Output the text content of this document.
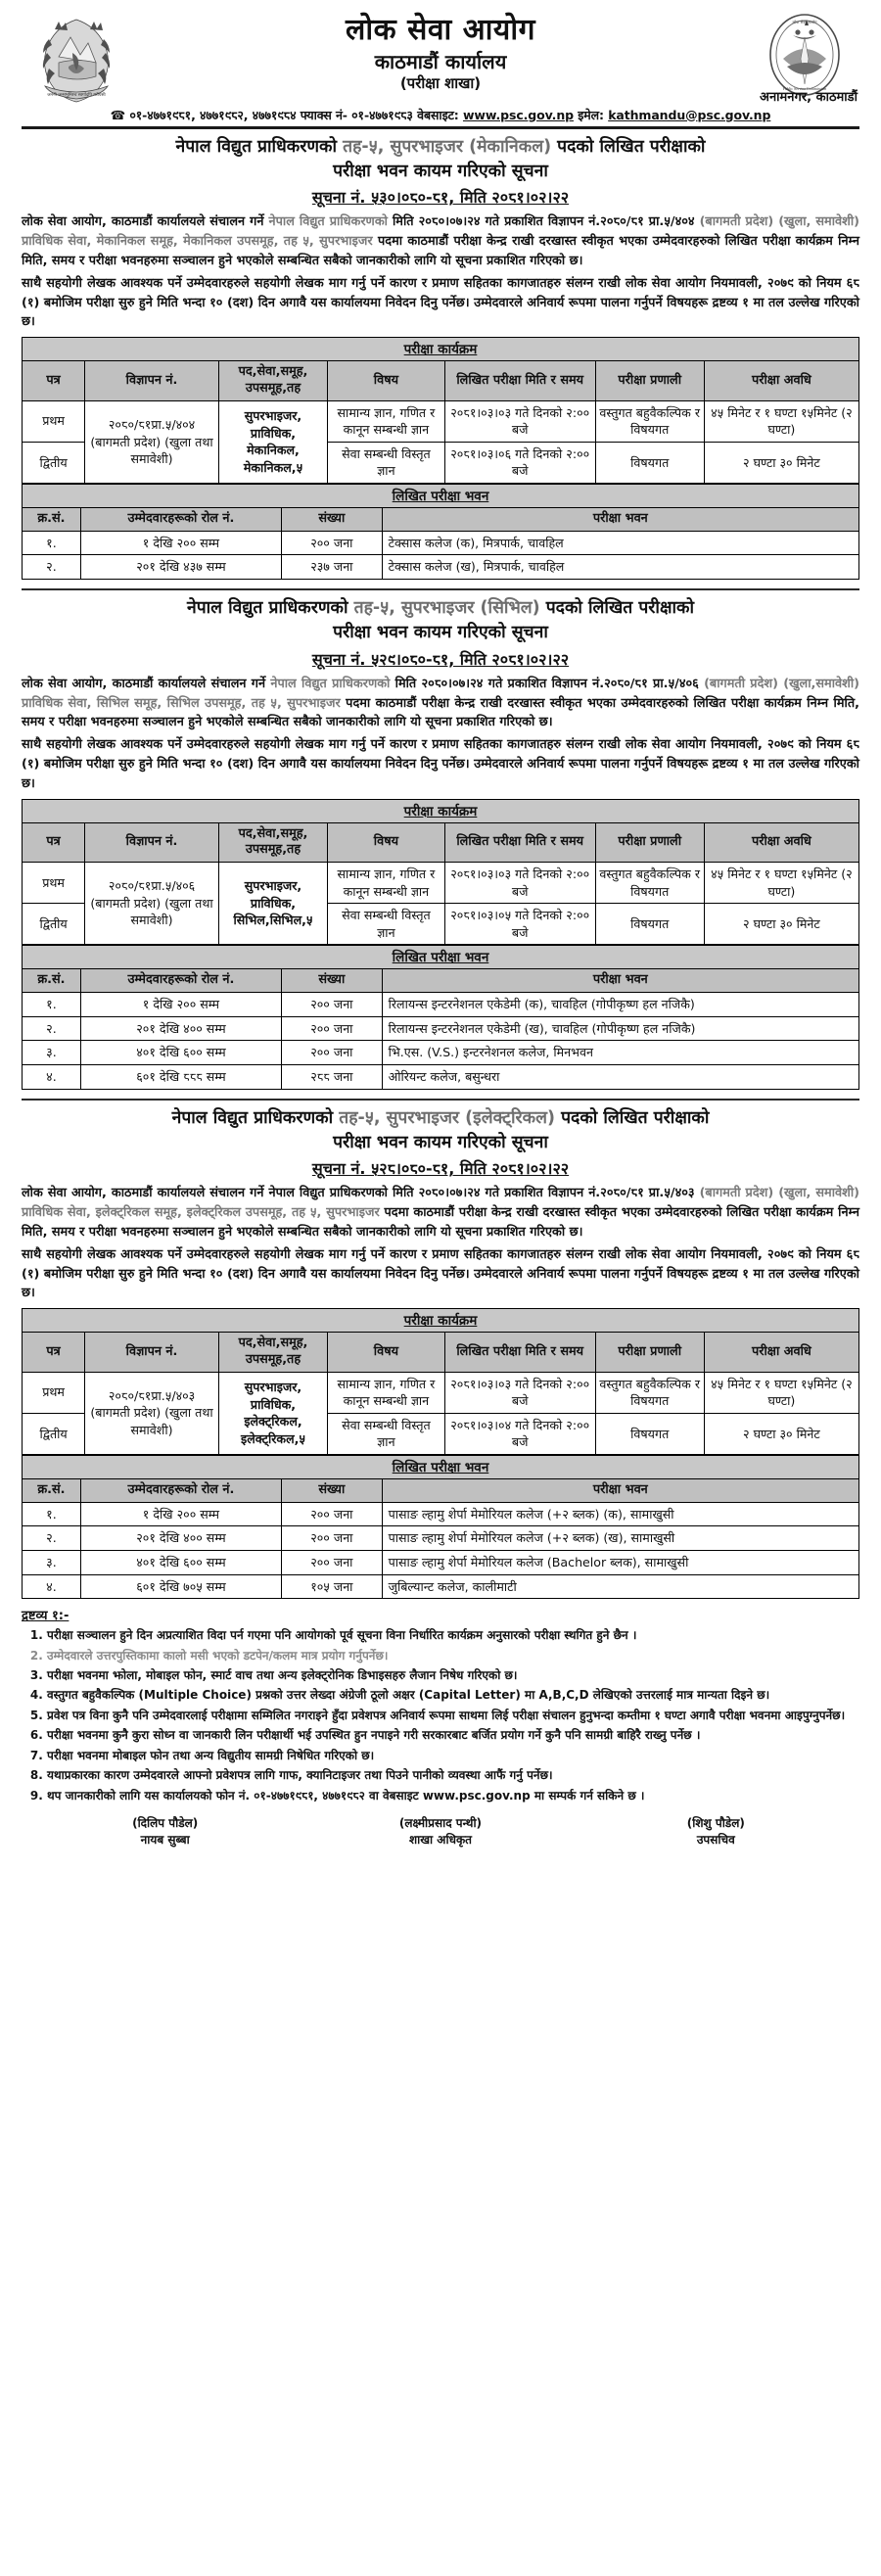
जननी जन्मभूमिश्च स्वर्गादपि गरीयसी
लोक सेवा आयोग
काठमाडौं कार्यालय
(परीक्षा शाखा)
लोक सेवा आयोग
Public Service Commission
अनामनगर, काठमाडौं
☎ ०१-४७७१९८१, ४७७१९८२, ४७७१९८४ फ्याक्स नं- ०१-४७७१९८३ वेबसाइट: www.psc.gov.np इमेल: kathmandu@psc.gov.np
नेपाल विद्युत प्राधिकरणको तह-५, सुपरभाइजर (मेकानिकल) पदको लिखित परीक्षाको
परीक्षा भवन कायम गरिएको सूचना
सूचना नं. ५३०।०८०-८१, मिति २०८१।०२।२२

लोक सेवा आयोग, काठमाडौं कार्यालयले संचालन गर्ने नेपाल विद्युत प्राधिकरणको मिति २०८०।०७।२४ गते प्रकाशित विज्ञापन नं.२०८०/८१ प्रा.५/४०४ (बागमती प्रदेश) (खुला, समावेशी) प्राविधिक सेवा, मेकानिकल समूह, मेकानिकल उपसमूह, तह ५, सुपरभाइजर पदमा काठमाडौं परीक्षा केन्द्र राखी दरखास्त स्वीकृत भएका उम्मेदवारहरुको लिखित परीक्षा कार्यक्रम निम्न मिति, समय र परीक्षा भवनहरुमा सञ्चालन हुने भएकोले सम्बन्धित सबैको जानकारीको लागि यो सूचना प्रकाशित गरिएको छ।

साथै सहयोगी लेखक आवश्यक पर्ने उम्मेदवारहरुले सहयोगी लेखक माग गर्नु पर्ने कारण र प्रमाण सहितका कागजातहरु संलग्न राखी लोक सेवा आयोग नियमावली, २०७९ को नियम ६८ (१) बमोजिम परीक्षा सुरु हुने मिति भन्दा १० (दश) दिन अगावै यस कार्यालयमा निवेदन दिनु पर्नेछ। उम्मेदवारले अनिवार्य रूपमा पालना गर्नुपर्ने विषयहरू द्रष्टव्य १ मा तल उल्लेख गरिएको छ।

परीक्षा कार्यक्रम
पत्र	विज्ञापन नं.	पद,सेवा,समूह, उपसमूह,तह	विषय	लिखित परीक्षा मिति र समय	परीक्षा प्रणाली	परीक्षा अवधि
प्रथम	२०८०/८१प्रा.५/४०४ (बागमती प्रदेश) (खुला तथा समावेशी)	सुपरभाइजर, प्राविधिक, मेकानिकल, मेकानिकल,५	सामान्य ज्ञान, गणित र कानून सम्बन्धी ज्ञान	२०८१।०३।०३ गते दिनको २:०० बजे	वस्तुगत बहुवैकल्पिक र विषयगत	४५ मिनेट र १ घण्टा १५मिनेट (२ घण्टा)
द्वितीय			सेवा सम्बन्धी विस्तृत ज्ञान	२०८१।०३।०६ गते दिनको २:०० बजे	विषयगत	२ घण्टा ३० मिनेट
लिखित परीक्षा भवन
क्र.सं.	उम्मेदवारहरूको रोल नं.	संख्या	परीक्षा भवन
१.	१ देखि २०० सम्म	२०० जना	टेक्सास कलेज (क), मित्रपार्क, चावहिल
२.	२०१ देखि ४३७ सम्म	२३७ जना	टेक्सास कलेज (ख), मित्रपार्क, चावहिल
नेपाल विद्युत प्राधिकरणको तह-५, सुपरभाइजर (सिभिल) पदको लिखित परीक्षाको
परीक्षा भवन कायम गरिएको सूचना
सूचना नं. ५२९।०८०-८१, मिति २०८१।०२।२२

लोक सेवा आयोग, काठमाडौं कार्यालयले संचालन गर्ने नेपाल विद्युत प्राधिकरणको मिति २०८०।०७।२४ गते प्रकाशित विज्ञापन नं.२०८०/८१ प्रा.५/४०६ (बागमती प्रदेश) (खुला,समावेशी) प्राविधिक सेवा, सिभिल समूह, सिभिल उपसमूह, तह ५, सुपरभाइजर पदमा काठमाडौं परीक्षा केन्द्र राखी दरखास्त स्वीकृत भएका उम्मेदवारहरुको लिखित परीक्षा कार्यक्रम निम्न मिति, समय र परीक्षा भवनहरुमा सञ्चालन हुने भएकोले सम्बन्धित सबैको जानकारीको लागि यो सूचना प्रकाशित गरिएको छ।

साथै सहयोगी लेखक आवश्यक पर्ने उम्मेदवारहरुले सहयोगी लेखक माग गर्नु पर्ने कारण र प्रमाण सहितका कागजातहरु संलग्न राखी लोक सेवा आयोग नियमावली, २०७९ को नियम ६८ (१) बमोजिम परीक्षा सुरु हुने मिति भन्दा १० (दश) दिन अगावै यस कार्यालयमा निवेदन दिनु पर्नेछ। उम्मेदवारले अनिवार्य रूपमा पालना गर्नुपर्ने विषयहरू द्रष्टव्य १ मा तल उल्लेख गरिएको छ।

परीक्षा कार्यक्रम
पत्र	विज्ञापन नं.	पद,सेवा,समूह, उपसमूह,तह	विषय	लिखित परीक्षा मिति र समय	परीक्षा प्रणाली	परीक्षा अवधि
प्रथम	२०८०/८१प्रा.५/४०६ (बागमती प्रदेश) (खुला तथा समावेशी)	सुपरभाइजर, प्राविधिक, सिभिल,सिभिल,५	सामान्य ज्ञान, गणित र कानून सम्बन्धी ज्ञान	२०८१।०३।०३ गते दिनको २:०० बजे	वस्तुगत बहुवैकल्पिक र विषयगत	४५ मिनेट र १ घण्टा १५मिनेट (२ घण्टा)
द्वितीय			सेवा सम्बन्धी विस्तृत ज्ञान	२०८१।०३।०५ गते दिनको २:०० बजे	विषयगत	२ घण्टा ३० मिनेट
लिखित परीक्षा भवन
क्र.सं.	उम्मेदवारहरूको रोल नं.	संख्या	परीक्षा भवन
१.	१ देखि २०० सम्म	२०० जना	रिलायन्स इन्टरनेशनल एकेडेमी (क), चावहिल (गोपीकृष्ण हल नजिकै)
२.	२०१ देखि ४०० सम्म	२०० जना	रिलायन्स इन्टरनेशनल एकेडेमी (ख), चावहिल (गोपीकृष्ण हल नजिकै)
३.	४०१ देखि ६०० सम्म	२०० जना	भि.एस. (V.S.) इन्टरनेशनल कलेज, मिनभवन
४.	६०१ देखि ८८८ सम्म	२८८ जना	ओरियन्ट कलेज, बसुन्धरा
नेपाल विद्युत प्राधिकरणको तह-५, सुपरभाइजर (इलेक्ट्रिकल) पदको लिखित परीक्षाको
परीक्षा भवन कायम गरिएको सूचना
सूचना नं. ५२८।०८०-८१, मिति २०८१।०२।२२

लोक सेवा आयोग, काठमाडौं कार्यालयले संचालन गर्ने नेपाल विद्युत प्राधिकरणको मिति २०८०।०७।२४ गते प्रकाशित विज्ञापन नं.२०८०/८१ प्रा.५/४०३ (बागमती प्रदेश) (खुला, समावेशी) प्राविधिक सेवा, इलेक्ट्रिकल समूह, इलेक्ट्रिकल उपसमूह, तह ५, सुपरभाइजर पदमा काठमाडौं परीक्षा केन्द्र राखी दरखास्त स्वीकृत भएका उम्मेदवारहरुको लिखित परीक्षा कार्यक्रम निम्न मिति, समय र परीक्षा भवनहरुमा सञ्चालन हुने भएकोले सम्बन्धित सबैको जानकारीको लागि यो सूचना प्रकाशित गरिएको छ।

साथै सहयोगी लेखक आवश्यक पर्ने उम्मेदवारहरुले सहयोगी लेखक माग गर्नु पर्ने कारण र प्रमाण सहितका कागजातहरु संलग्न राखी लोक सेवा आयोग नियमावली, २०७९ को नियम ६८ (१) बमोजिम परीक्षा सुरु हुने मिति भन्दा १० (दश) दिन अगावै यस कार्यालयमा निवेदन दिनु पर्नेछ। उम्मेदवारले अनिवार्य रूपमा पालना गर्नुपर्ने विषयहरू द्रष्टव्य १ मा तल उल्लेख गरिएको छ।

परीक्षा कार्यक्रम
पत्र	विज्ञापन नं.	पद,सेवा,समूह, उपसमूह,तह	विषय	लिखित परीक्षा मिति र समय	परीक्षा प्रणाली	परीक्षा अवधि
प्रथम	२०८०/८१प्रा.५/४०३ (बागमती प्रदेश) (खुला तथा समावेशी)	सुपरभाइजर, प्राविधिक, इलेक्ट्रिकल, इलेक्ट्रिकल,५	सामान्य ज्ञान, गणित र कानून सम्बन्धी ज्ञान	२०८१।०३।०३ गते दिनको २:०० बजे	वस्तुगत बहुवैकल्पिक र विषयगत	४५ मिनेट र १ घण्टा १५मिनेट (२ घण्टा)
द्वितीय			सेवा सम्बन्धी विस्तृत ज्ञान	२०८१।०३।०४ गते दिनको २:०० बजे	विषयगत	२ घण्टा ३० मिनेट
लिखित परीक्षा भवन
क्र.सं.	उम्मेदवारहरूको रोल नं.	संख्या	परीक्षा भवन
१.	१ देखि २०० सम्म	२०० जना	पासाङ ल्हामु शेर्पा मेमोरियल कलेज (+२ ब्लक) (क), सामाखुसी
२.	२०१ देखि ४०० सम्म	२०० जना	पासाङ ल्हामु शेर्पा मेमोरियल कलेज (+२ ब्लक) (ख), सामाखुसी
३.	४०१ देखि ६०० सम्म	२०० जना	पासाङ ल्हामु शेर्पा मेमोरियल कलेज (Bachelor ब्लक), सामाखुसी
४.	६०१ देखि ७०५ सम्म	१०५ जना	जुबिल्यान्ट कलेज, कालीमाटी
द्रष्टव्य १:-
1. परीक्षा सञ्चालन हुने दिन अप्रत्याशित विदा पर्न गएमा पनि आयोगको पूर्व सूचना विना निर्धारित कार्यक्रम अनुसारको परीक्षा स्थगित हुने छैन ।
2. उम्मेदवारले उत्तरपुस्तिकामा कालो मसी भएको डटपेन/कलम मात्र प्रयोग गर्नुपर्नेछ।
3. परीक्षा भवनमा झोला, मोबाइल फोन, स्मार्ट वाच तथा अन्य इलेक्ट्रोनिक डिभाइसहरु लैजान निषेध गरिएको छ।
4. वस्तुगत बहुवैकल्पिक (Multiple Choice) प्रश्नको उत्तर लेख्दा अंग्रेजी ठूलो अक्षर (Capital Letter) मा A,B,C,D लेखिएको उत्तरलाई मात्र मान्यता दिइने छ।
5. प्रवेश पत्र विना कुनै पनि उम्मेदवारलाई परीक्षामा सम्मिलित नगराइने हुँदा प्रवेशपत्र अनिवार्य रूपमा साथमा लिई परीक्षा संचालन हुनुभन्दा कम्तीमा १ घण्टा अगावै परीक्षा भवनमा आइपुग्नुपर्नेछ।
6. परीक्षा भवनमा कुनै कुरा सोध्न वा जानकारी लिन परीक्षार्थी भई उपस्थित हुन नपाइने गरी सरकारबाट बर्जित प्रयोग गर्ने कुनै पनि सामग्री बाहिरै राख्नु पर्नेछ ।
7. परीक्षा भवनमा मोबाइल फोन तथा अन्य विद्युतीय सामग्री निषेधित गरिएको छ।
8. यथाप्रकारका कारण उम्मेदवारले आफ्नो प्रवेशपत्र लागि गाफ, क्यानिटाइजर तथा पिउने पानीको व्यवस्था आफैं गर्नु पर्नेछ।
9. थप जानकारीको लागि यस कार्यालयको फोन नं. ०१-४७७१९८१, ४७७१९८२ वा वेबसाइट www.psc.gov.np मा सम्पर्क गर्न सकिने छ ।
(दिलिप पौडेल)
नायब सुब्बा
(लक्ष्मीप्रसाद पन्थी)
शाखा अधिकृत
(शिशु पौडेल)
उपसचिव
